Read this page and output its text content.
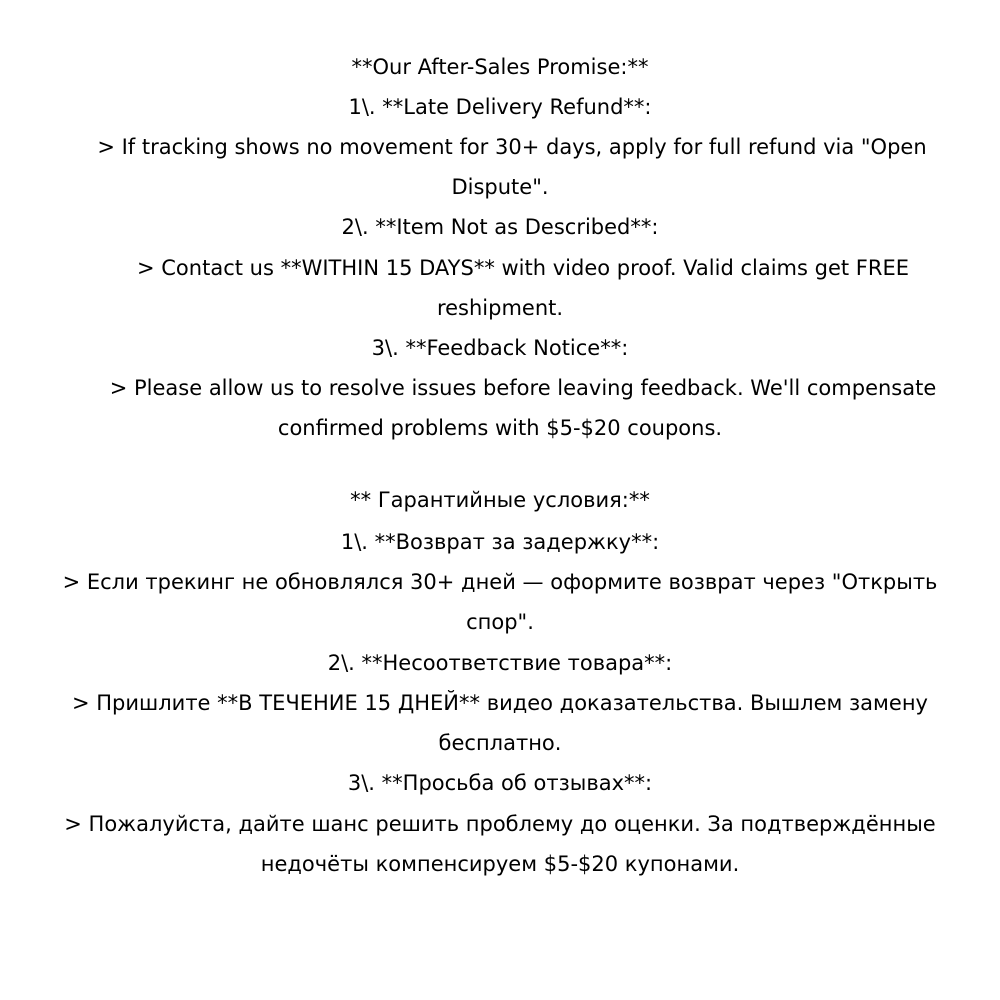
**Our After-Sales Promise:**
1\. **Late Delivery Refund**:
> If tracking shows no movement for 30+ days, apply for full refund via "Open
Dispute".
2\. **Item Not as Described**:
> Contact us **WITHIN 15 DAYS** with video proof. Valid claims get FREE
reshipment.
3\. **Feedback Notice**:
> Please allow us to resolve issues before leaving feedback. We'll compensate
confirmed problems with $5-$20 coupons.
** Гарантийные условия:**
1\. **Возврат за задержку**:
> Если трекинг не обновлялся 30+ дней — оформите возврат через "Открыть
спор".
2\. **Несоответствие товара**:
> Пришлите **В ТЕЧЕНИЕ 15 ДНЕЙ** видео доказательства. Вышлем замену
бесплатно.
3\. **Просьба об отзывах**:
> Пожалуйста, дайте шанс решить проблему до оценки. За подтверждённые
недочёты компенсируем $5-$20 купонами.
